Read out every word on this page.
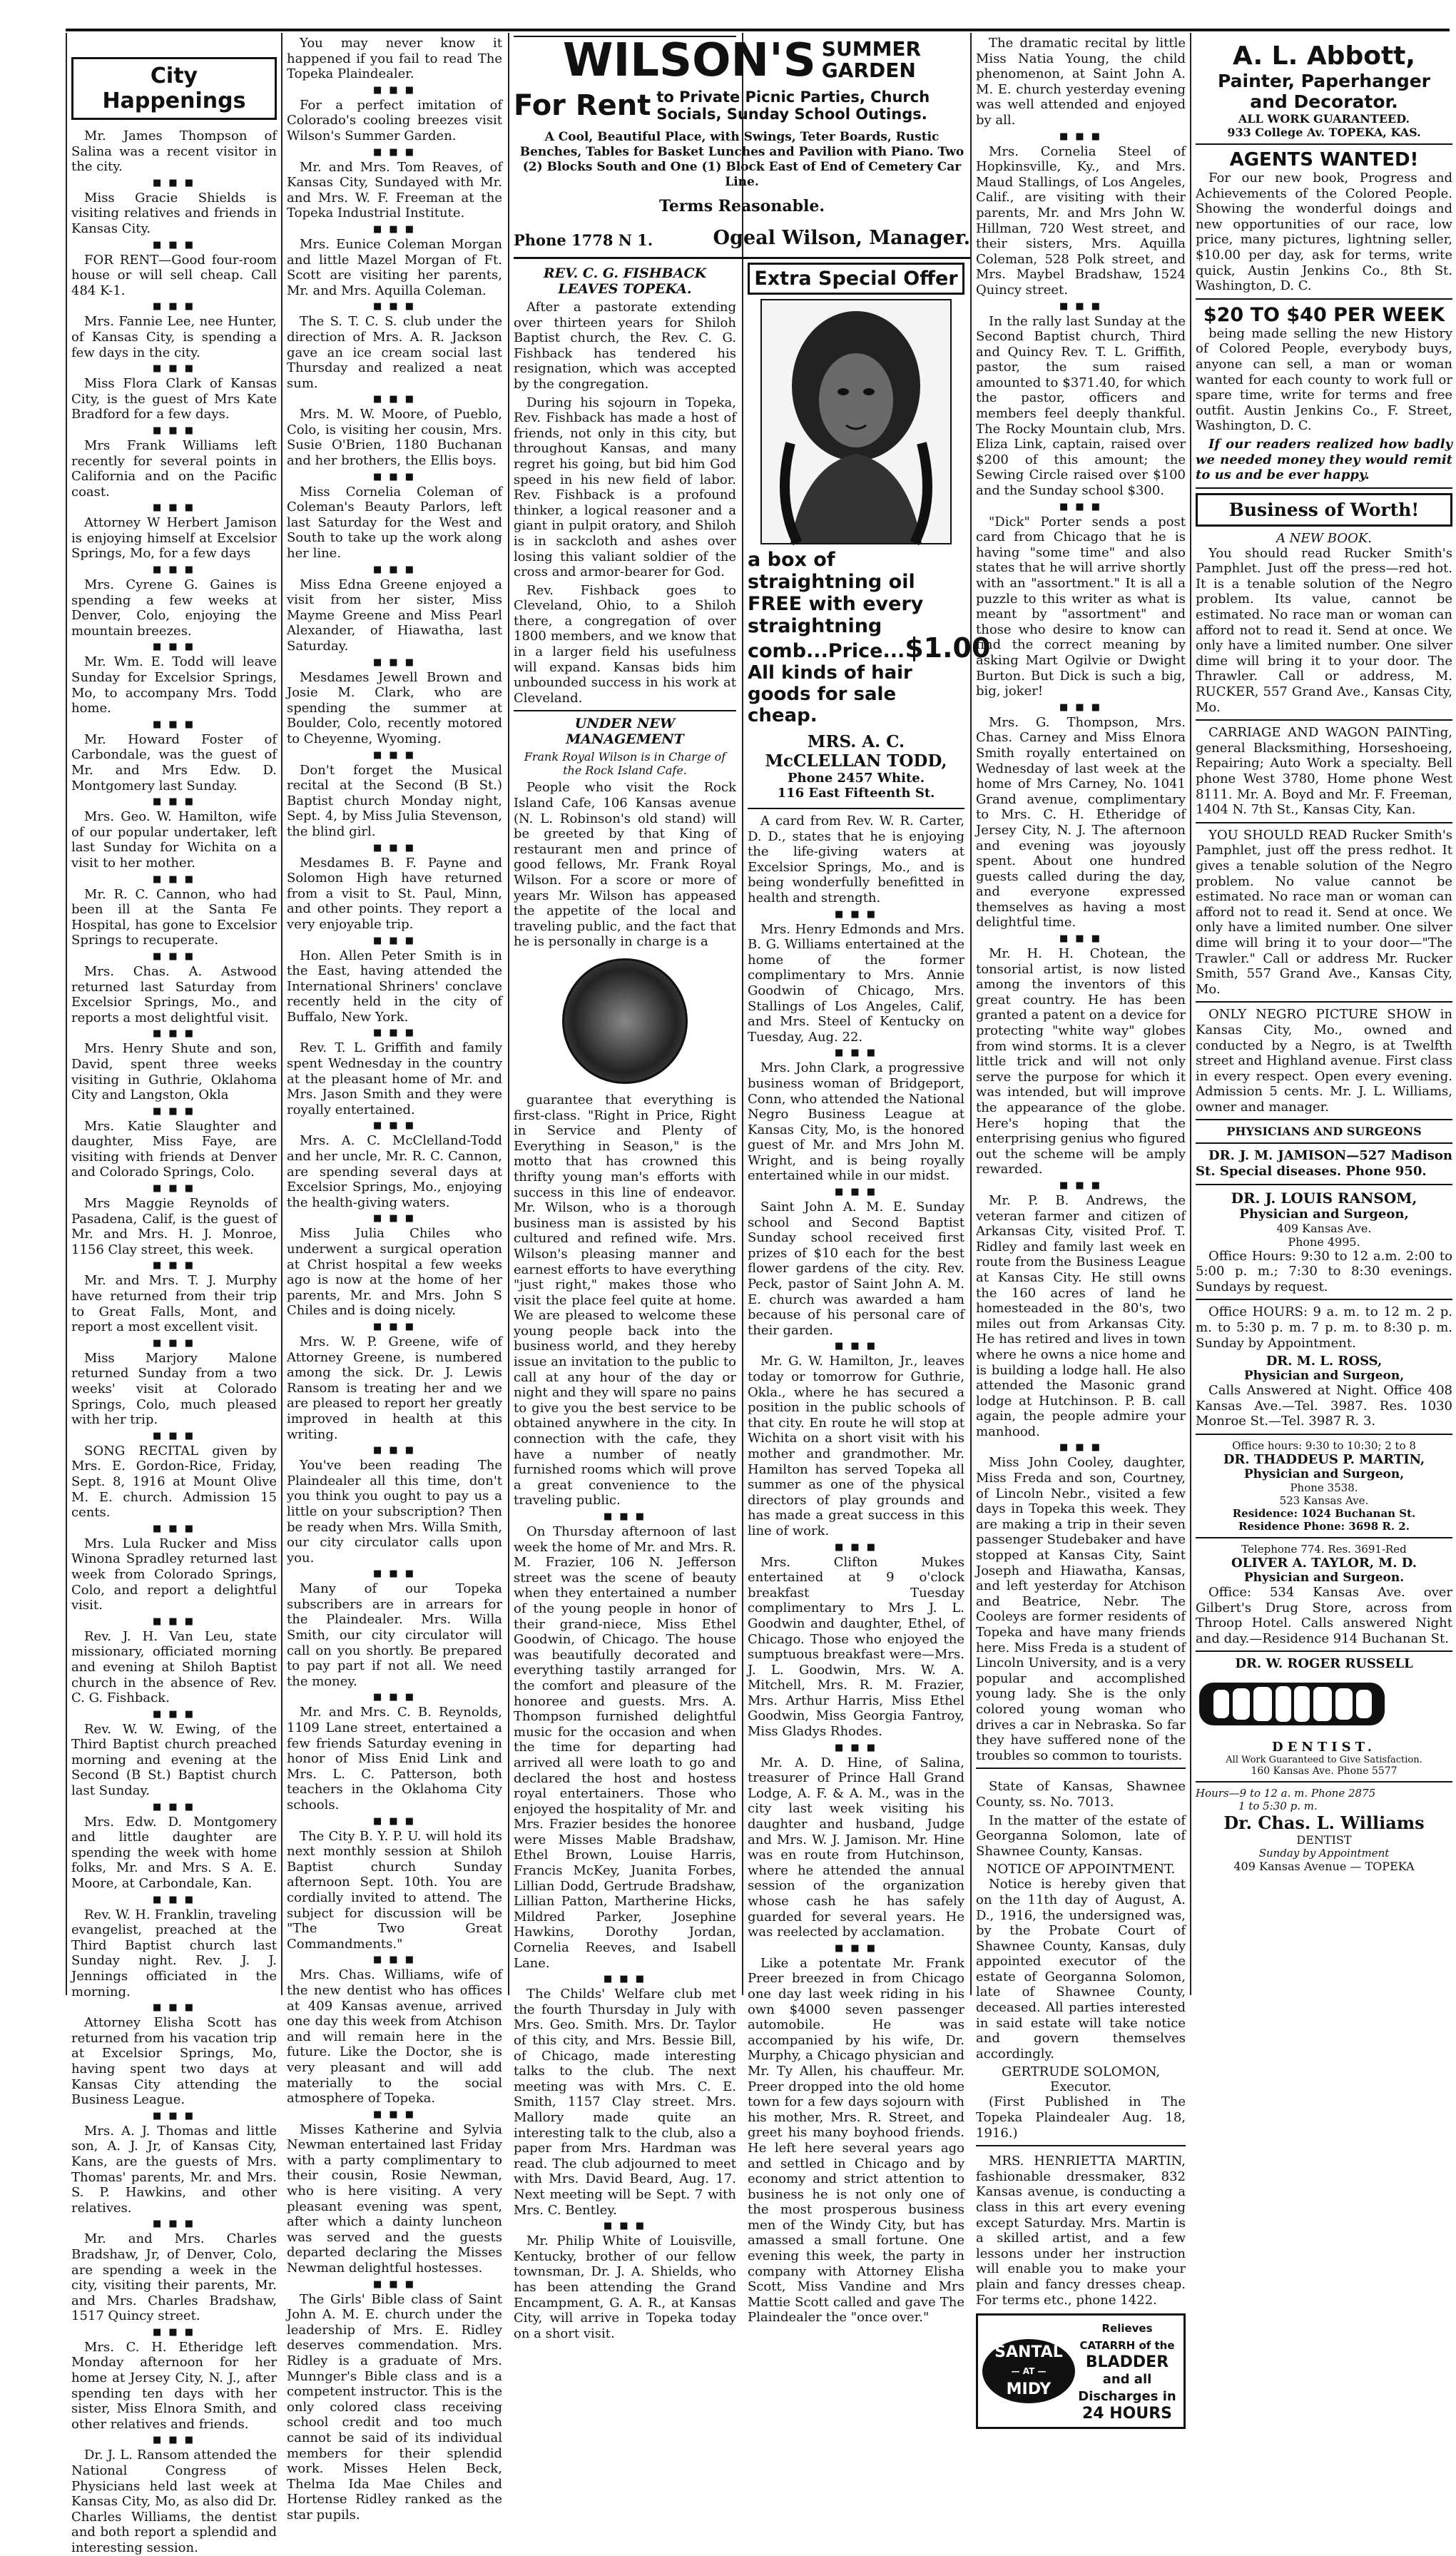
City Happenings

Mr. James Thompson of Salina was a recent visitor in the city.

■ ■ ■

Miss Gracie Shields is visiting relatives and friends in Kansas City.

■ ■ ■

FOR RENT—Good four-room house or will sell cheap. Call 484 K-1.

■ ■ ■

Mrs. Fannie Lee, nee Hunter, of Kansas City, is spending a few days in the city.

■ ■ ■

Miss Flora Clark of Kansas City, is the guest of Mrs Kate Bradford for a few days.

■ ■ ■

Mrs Frank Williams left recently for several points in California and on the Pacific coast.

■ ■ ■

Attorney W Herbert Jamison is enjoying himself at Excelsior Springs, Mo, for a few days

■ ■ ■

Mrs. Cyrene G. Gaines is spending a few weeks at Denver, Colo, enjoying the mountain breezes.

■ ■ ■

Mr. Wm. E. Todd will leave Sunday for Excelsior Springs, Mo, to accompany Mrs. Todd home.

■ ■ ■

Mr. Howard Foster of Carbondale, was the guest of Mr. and Mrs Edw. D. Montgomery last Sunday.

■ ■ ■

Mrs. Geo. W. Hamilton, wife of our popular undertaker, left last Sunday for Wichita on a visit to her mother.

■ ■ ■

Mr. R. C. Cannon, who had been ill at the Santa Fe Hospital, has gone to Excelsior Springs to recuperate.

■ ■ ■

Mrs. Chas. A. Astwood returned last Saturday from Excelsior Springs, Mo., and reports a most delightful visit.

■ ■ ■

Mrs. Henry Shute and son, David, spent three weeks visiting in Guthrie, Oklahoma City and Langston, Okla

■ ■ ■

Mrs. Katie Slaughter and daughter, Miss Faye, are visiting with friends at Denver and Colorado Springs, Colo.

■ ■ ■

Mrs Maggie Reynolds of Pasadena, Calif, is the guest of Mr. and Mrs. H. J. Monroe, 1156 Clay street, this week.

■ ■ ■

Mr. and Mrs. T. J. Murphy have returned from their trip to Great Falls, Mont, and report a most excellent visit.

■ ■ ■

Miss Marjory Malone returned Sunday from a two weeks' visit at Colorado Springs, Colo, much pleased with her trip.

■ ■ ■

SONG RECITAL given by Mrs. E. Gordon-Rice, Friday, Sept. 8, 1916 at Mount Olive M. E. church. Admission 15 cents.

■ ■ ■

Mrs. Lula Rucker and Miss Winona Spradley returned last week from Colorado Springs, Colo, and report a delightful visit.

■ ■ ■

Rev. J. H. Van Leu, state missionary, officiated morning and evening at Shiloh Baptist church in the absence of Rev. C. G. Fishback.

■ ■ ■

Rev. W. W. Ewing, of the Third Baptist church preached morning and evening at the Second (B St.) Baptist church last Sunday.

■ ■ ■

Mrs. Edw. D. Montgomery and little daughter are spending the week with home folks, Mr. and Mrs. S A. E. Moore, at Carbondale, Kan.

■ ■ ■

Rev. W. H. Franklin, traveling evangelist, preached at the Third Baptist church last Sunday night. Rev. J. J. Jennings officiated in the morning.

■ ■ ■

Attorney Elisha Scott has returned from his vacation trip at Excelsior Springs, Mo, having spent two days at Kansas City attending the Business League.

■ ■ ■

Mrs. A. J. Thomas and little son, A. J. Jr, of Kansas City, Kans, are the guests of Mrs. Thomas' parents, Mr. and Mrs. S. P. Hawkins, and other relatives.

■ ■ ■

Mr. and Mrs. Charles Bradshaw, Jr, of Denver, Colo, are spending a week in the city, visiting their parents, Mr. and Mrs. Charles Bradshaw, 1517 Quincy street.

■ ■ ■

Mrs. C. H. Etheridge left Monday afternoon for her home at Jersey City, N. J., after spending ten days with her sister, Miss Elnora Smith, and other relatives and friends.

■ ■ ■

Dr. J. L. Ransom attended the National Congress of Physicians held last week at Kansas City, Mo, as also did Dr. Charles Williams, the dentist and both report a splendid and interesting session.

You may never know it happened if you fail to read The Topeka Plaindealer.

■ ■ ■

For a perfect imitation of Colorado's cooling breezes visit Wilson's Summer Garden.

■ ■ ■

Mr. and Mrs. Tom Reaves, of Kansas City, Sundayed with Mr. and Mrs. W. F. Freeman at the Topeka Industrial Institute.

■ ■ ■

Mrs. Eunice Coleman Morgan and little Mazel Morgan of Ft. Scott are visiting her parents, Mr. and Mrs. Aquilla Coleman.

■ ■ ■

The S. T. C. S. club under the direction of Mrs. A. R. Jackson gave an ice cream social last Thursday and realized a neat sum.

■ ■ ■

Mrs. M. W. Moore, of Pueblo, Colo, is visiting her cousin, Mrs. Susie O'Brien, 1180 Buchanan and her brothers, the Ellis boys.

■ ■ ■

Miss Cornelia Coleman of Coleman's Beauty Parlors, left last Saturday for the West and South to take up the work along her line.

■ ■ ■

Miss Edna Greene enjoyed a visit from her sister, Miss Mayme Greene and Miss Pearl Alexander, of Hiawatha, last Saturday.

■ ■ ■

Mesdames Jewell Brown and Josie M. Clark, who are spending the summer at Boulder, Colo, recently motored to Cheyenne, Wyoming.

■ ■ ■

Don't forget the Musical recital at the Second (B St.) Baptist church Monday night, Sept. 4, by Miss Julia Stevenson, the blind girl.

■ ■ ■

Mesdames B. F. Payne and Solomon High have returned from a visit to St. Paul, Minn, and other points. They report a very enjoyable trip.

■ ■ ■

Hon. Allen Peter Smith is in the East, having attended the International Shriners' conclave recently held in the city of Buffalo, New York.

■ ■ ■

Rev. T. L. Griffith and family spent Wednesday in the country at the pleasant home of Mr. and Mrs. Jason Smith and they were royally entertained.

■ ■ ■

Mrs. A. C. McClelland-Todd and her uncle, Mr. R. C. Cannon, are spending several days at Excelsior Springs, Mo., enjoying the health-giving waters.

■ ■ ■

Miss Julia Chiles who underwent a surgical operation at Christ hospital a few weeks ago is now at the home of her parents, Mr. and Mrs. John S Chiles and is doing nicely.

■ ■ ■

Mrs. W. P. Greene, wife of Attorney Greene, is numbered among the sick. Dr. J. Lewis Ransom is treating her and we are pleased to report her greatly improved in health at this writing.

■ ■ ■

You've been reading The Plaindealer all this time, don't you think you ought to pay us a little on your subscription? Then be ready when Mrs. Willa Smith, our city circulator calls upon you.

■ ■ ■

Many of our Topeka subscribers are in arrears for the Plaindealer. Mrs. Willa Smith, our city circulator will call on you shortly. Be prepared to pay part if not all. We need the money.

■ ■ ■

Mr. and Mrs. C. B. Reynolds, 1109 Lane street, entertained a few friends Saturday evening in honor of Miss Enid Link and Mrs. L. C. Patterson, both teachers in the Oklahoma City schools.

■ ■ ■

The City B. Y. P. U. will hold its next monthly session at Shiloh Baptist church Sunday afternoon Sept. 10th. You are cordially invited to attend. The subject for discussion will be "The Two Great Commandments."

■ ■ ■

Mrs. Chas. Williams, wife of the new dentist who has offices at 409 Kansas avenue, arrived one day this week from Atchison and will remain here in the future. Like the Doctor, she is very pleasant and will add materially to the social atmosphere of Topeka.

■ ■ ■

Misses Katherine and Sylvia Newman entertained last Friday with a party complimentary to their cousin, Rosie Newman, who is here visiting. A very pleasant evening was spent, after which a dainty luncheon was served and the guests departed declaring the Misses Newman delightful hostesses.

■ ■ ■

The Girls' Bible class of Saint John A. M. E. church under the leadership of Mrs. E. Ridley deserves commendation. Mrs. Ridley is a graduate of Mrs. Munnger's Bible class and is a competent instructor. This is the only colored class receiving school credit and too much cannot be said of its individual members for their splendid work. Misses Helen Beck, Thelma Ida Mae Chiles and Hortense Ridley ranked as the star pupils.

WILSON'S SUMMER
GARDEN
For Rent to Private Picnic Parties, Church Socials, Sunday School Outings.
A Cool, Beautiful Place, with Swings, Teter Boards, Rustic Benches, Tables for Basket Lunches and Pavilion with Piano. Two (2) Blocks South and One (1) Block East of End of Cemetery Car Line.
Terms Reasonable.
Phone 1778 N 1.	Ogeal Wilson, Manager.
REV. C. G. FISHBACK LEAVES TOPEKA.

After a pastorate extending over thirteen years for Shiloh Baptist church, the Rev. C. G. Fishback has tendered his resignation, which was accepted by the congregation.

During his sojourn in Topeka, Rev. Fishback has made a host of friends, not only in this city, but throughout Kansas, and many regret his going, but bid him God speed in his new field of labor. Rev. Fishback is a profound thinker, a logical reasoner and a giant in pulpit oratory, and Shiloh is in sackcloth and ashes over losing this valiant soldier of the cross and armor-bearer for God.

Rev. Fishback goes to Cleveland, Ohio, to a Shiloh there, a congregation of over 1800 members, and we know that in a larger field his usefulness will expand. Kansas bids him unbounded success in his work at Cleveland.

UNDER NEW MANAGEMENT
Frank Royal Wilson is in Charge of the Rock Island Cafe.

People who visit the Rock Island Cafe, 106 Kansas avenue (N. L. Robinson's old stand) will be greeted by that King of restaurant men and prince of good fellows, Mr. Frank Royal Wilson. For a score or more of years Mr. Wilson has appeased the appetite of the local and traveling public, and the fact that he is personally in charge is a

guarantee that everything is first-class. "Right in Price, Right in Service and Plenty of Everything in Season," is the motto that has crowned this thrifty young man's efforts with success in this line of endeavor. Mr. Wilson, who is a thorough business man is assisted by his cultured and refined wife. Mrs. Wilson's pleasing manner and earnest efforts to have everything "just right," makes those who visit the place feel quite at home. We are pleased to welcome these young people back into the business world, and they hereby issue an invitation to the public to call at any hour of the day or night and they will spare no pains to give you the best service to be obtained anywhere in the city. In connection with the cafe, they have a number of neatly furnished rooms which will prove a great convenience to the traveling public.

■ ■ ■

On Thursday afternoon of last week the home of Mr. and Mrs. R. M. Frazier, 106 N. Jefferson street was the scene of beauty when they entertained a number of the young people in honor of their grand-niece, Miss Ethel Goodwin, of Chicago. The house was beautifully decorated and everything tastily arranged for the comfort and pleasure of the honoree and guests. Mrs. A. Thompson furnished delightful music for the occasion and when the time for departing had arrived all were loath to go and declared the host and hostess royal entertainers. Those who enjoyed the hospitality of Mr. and Mrs. Frazier besides the honoree were Misses Mable Bradshaw, Ethel Brown, Louise Harris, Francis McKey, Juanita Forbes, Lillian Dodd, Gertrude Bradshaw, Lillian Patton, Martherine Hicks, Mildred Parker, Josephine Hawkins, Dorothy Jordan, Cornelia Reeves, and Isabell Lane.

■ ■ ■

The Childs' Welfare club met the fourth Thursday in July with Mrs. Geo. Smith. Mrs. Dr. Taylor of this city, and Mrs. Bessie Bill, of Chicago, made interesting talks to the club. The next meeting was with Mrs. C. E. Smith, 1157 Clay street. Mrs. Mallory made quite an interesting talk to the club, also a paper from Mrs. Hardman was read. The club adjourned to meet with Mrs. David Beard, Aug. 17. Next meeting will be Sept. 7 with Mrs. C. Bentley.

■ ■ ■

Mr. Philip White of Louisville, Kentucky, brother of our fellow townsman, Dr. J. A. Shields, who has been attending the Grand Encampment, G. A. R., at Kansas City, will arrive in Topeka today on a short visit.

Extra Special Offer
a box of straightning oil FREE with every straightning comb...Price...$1.00
All kinds of hair goods for sale cheap.
MRS. A. C. McCLELLAN TODD,
Phone 2457 White.
116 East Fifteenth St.

A card from Rev. W. R. Carter, D. D., states that he is enjoying the life-giving waters at Excelsior Springs, Mo., and is being wonderfully benefitted in health and strength.

■ ■ ■

Mrs. Henry Edmonds and Mrs. B. G. Williams entertained at the home of the former complimentary to Mrs. Annie Goodwin of Chicago, Mrs. Stallings of Los Angeles, Calif, and Mrs. Steel of Kentucky on Tuesday, Aug. 22.

■ ■ ■

Mrs. John Clark, a progressive business woman of Bridgeport, Conn, who attended the National Negro Business League at Kansas City, Mo, is the honored guest of Mr. and Mrs John M. Wright, and is being royally entertained while in our midst.

■ ■ ■

Saint John A. M. E. Sunday school and Second Baptist Sunday school received first prizes of $10 each for the best flower gardens of the city. Rev. Peck, pastor of Saint John A. M. E. church was awarded a ham because of his personal care of their garden.

■ ■ ■

Mr. G. W. Hamilton, Jr., leaves today or tomorrow for Guthrie, Okla., where he has secured a position in the public schools of that city. En route he will stop at Wichita on a short visit with his mother and grandmother. Mr. Hamilton has served Topeka all summer as one of the physical directors of play grounds and has made a great success in this line of work.

■ ■ ■

Mrs. Clifton Mukes entertained at 9 o'clock breakfast Tuesday complimentary to Mrs J. L. Goodwin and daughter, Ethel, of Chicago. Those who enjoyed the sumptuous breakfast were—Mrs. J. L. Goodwin, Mrs. W. A. Mitchell, Mrs. R. M. Frazier, Mrs. Arthur Harris, Miss Ethel Goodwin, Miss Georgia Fantroy, Miss Gladys Rhodes.

■ ■ ■

Mr. A. D. Hine, of Salina, treasurer of Prince Hall Grand Lodge, A. F. & A. M., was in the city last week visiting his daughter and husband, Judge and Mrs. W. J. Jamison. Mr. Hine was en route from Hutchinson, where he attended the annual session of the organization whose cash he has safely guarded for several years. He was reelected by acclamation.

■ ■ ■

Like a potentate Mr. Frank Preer breezed in from Chicago one day last week riding in his own $4000 seven passenger automobile. He was accompanied by his wife, Dr. Murphy, a Chicago physician and Mr. Ty Allen, his chauffeur. Mr. Preer dropped into the old home town for a few days sojourn with his mother, Mrs. R. Street, and greet his many boyhood friends. He left here several years ago and settled in Chicago and by economy and strict attention to business he is not only one of the most prosperous business men of the Windy City, but has amassed a small fortune. One evening this week, the party in company with Attorney Elisha Scott, Miss Vandine and Mrs Mattie Scott called and gave The Plaindealer the "once over."

The dramatic recital by little Miss Natia Young, the child phenomenon, at Saint John A. M. E. church yesterday evening was well attended and enjoyed by all.

■ ■ ■

Mrs. Cornelia Steel of Hopkinsville, Ky., and Mrs. Maud Stallings, of Los Angeles, Calif., are visiting with their parents, Mr. and Mrs John W. Hillman, 720 West street, and their sisters, Mrs. Aquilla Coleman, 528 Polk street, and Mrs. Maybel Bradshaw, 1524 Quincy street.

■ ■ ■

In the rally last Sunday at the Second Baptist church, Third and Quincy Rev. T. L. Griffith, pastor, the sum raised amounted to $371.40, for which the pastor, officers and members feel deeply thankful. The Rocky Mountain club, Mrs. Eliza Link, captain, raised over $200 of this amount; the Sewing Circle raised over $100 and the Sunday school $300.

■ ■ ■

"Dick" Porter sends a post card from Chicago that he is having "some time" and also states that he will arrive shortly with an "assortment." It is all a puzzle to this writer as what is meant by "assortment" and those who desire to know can find the correct meaning by asking Mart Ogilvie or Dwight Burton. But Dick is such a big, big, joker!

■ ■ ■

Mrs. G. Thompson, Mrs. Chas. Carney and Miss Elnora Smith royally entertained on Wednesday of last week at the home of Mrs Carney, No. 1041 Grand avenue, complimentary to Mrs. C. H. Etheridge of Jersey City, N. J. The afternoon and evening was joyously spent. About one hundred guests called during the day, and everyone expressed themselves as having a most delightful time.

■ ■ ■

Mr. H. H. Chotean, the tonsorial artist, is now listed among the inventors of this great country. He has been granted a patent on a device for protecting "white way" globes from wind storms. It is a clever little trick and will not only serve the purpose for which it was intended, but will improve the appearance of the globe. Here's hoping that the enterprising genius who figured out the scheme will be amply rewarded.

■ ■ ■

Mr. P. B. Andrews, the veteran farmer and citizen of Arkansas City, visited Prof. T. Ridley and family last week en route from the Business League at Kansas City. He still owns the 160 acres of land he homesteaded in the 80's, two miles out from Arkansas City. He has retired and lives in town where he owns a nice home and is building a lodge hall. He also attended the Masonic grand lodge at Hutchinson. P. B. call again, the people admire your manhood.

■ ■ ■

Miss John Cooley, daughter, Miss Freda and son, Courtney, of Lincoln Nebr., visited a few days in Topeka this week. They are making a trip in their seven passenger Studebaker and have stopped at Kansas City, Saint Joseph and Hiawatha, Kansas, and left yesterday for Atchison and Beatrice, Nebr. The Cooleys are former residents of Topeka and have many friends here. Miss Freda is a student of Lincoln University, and is a very popular and accomplished young lady. She is the only colored young woman who drives a car in Nebraska. So far they have suffered none of the troubles so common to tourists.

State of Kansas, Shawnee County, ss. No. 7013.

In the matter of the estate of Georganna Solomon, late of Shawnee County, Kansas.

NOTICE OF APPOINTMENT.

Notice is hereby given that on the 11th day of August, A. D., 1916, the undersigned was, by the Probate Court of Shawnee County, Kansas, duly appointed executor of the estate of Georganna Solomon, late of Shawnee County, deceased. All parties interested in said estate will take notice and govern themselves accordingly.

GERTRUDE SOLOMON,
Executor.

(First Published in The Topeka Plaindealer Aug. 18, 1916.)

MRS. HENRIETTA MARTIN, fashionable dressmaker, 832 Kansas avenue, is conducting a class in this art every evening except Saturday. Mrs. Martin is a skilled artist, and a few lessons under her instruction will enable you to make your plain and fancy dresses cheap. For terms etc., phone 1422.

SANTAL
— AT —
MIDY
Relieves CATARRH of the
BLADDER
and all
Discharges in
24 HOURS
A. L. Abbott,
Painter, Paperhanger
and Decorator.
ALL WORK GUARANTEED.
933 College Av. TOPEKA, KAS.
AGENTS WANTED!

For our new book, Progress and Achievements of the Colored People. Showing the wonderful doings and new opportunities of our race, low price, many pictures, lightning seller, $10.00 per day, ask for terms, write quick, Austin Jenkins Co., 8th St. Washington, D. C.

$20 TO $40 PER WEEK

being made selling the new History of Colored People, everybody buys, anyone can sell, a man or woman wanted for each county to work full or spare time, write for terms and free outfit. Austin Jenkins Co., F. Street, Washington, D. C.

If our readers realized how badly we needed money they would remit to us and be ever happy.

Business of Worth!
A NEW BOOK.

You should read Rucker Smith's Pamphlet. Just off the press—red hot. It is a tenable solution of the Negro problem. Its value, cannot be estimated. No race man or woman can afford not to read it. Send at once. We only have a limited number. One silver dime will bring it to your door. The Thrawler. Call or address, M. RUCKER, 557 Grand Ave., Kansas City, Mo.

CARRIAGE AND WAGON PAINTing, general Blacksmithing, Horseshoeing, Repairing; Auto Work a specialty. Bell phone West 3780, Home phone West 8111. Mr. A. Boyd and Mr. F. Freeman, 1404 N. 7th St., Kansas City, Kan.

YOU SHOULD READ Rucker Smith's Pamphlet, just off the press redhot. It gives a tenable solution of the Negro problem. No value cannot be estimated. No race man or woman can afford not to read it. Send at once. We only have a limited number. One silver dime will bring it to your door—"The Trawler." Call or address Mr. Rucker Smith, 557 Grand Ave., Kansas City, Mo.

ONLY NEGRO PICTURE SHOW in Kansas City, Mo., owned and conducted by a Negro, is at Twelfth street and Highland avenue. First class in every respect. Open every evening. Admission 5 cents. Mr. J. L. Williams, owner and manager.

PHYSICIANS AND SURGEONS

DR. J. M. JAMISON—527 Madison St. Special diseases. Phone 950.

DR. J. LOUIS RANSOM,
Physician and Surgeon,
409 Kansas Ave.
Phone 4995.

Office Hours: 9:30 to 12 a.m. 2:00 to 5:00 p. m.; 7:30 to 8:30 evenings. Sundays by request.

Office HOURS: 9 a. m. to 12 m. 2 p. m. to 5:30 p. m. 7 p. m. to 8:30 p. m. Sunday by Appointment.

DR. M. L. ROSS,
Physician and Surgeon,

Calls Answered at Night. Office 408 Kansas Ave.—Tel. 3987. Res. 1030 Monroe St.—Tel. 3987 R. 3.

Office hours: 9:30 to 10:30; 2 to 8
DR. THADDEUS P. MARTIN,
Physician and Surgeon,
Phone 3538.
523 Kansas Ave.
Residence: 1024 Buchanan St.
Residence Phone: 3698 R. 2.
Telephone 774. Res. 3691-Red
OLIVER A. TAYLOR, M. D.
Physician and Surgeon.

Office: 534 Kansas Ave. over Gilbert's Drug Store, across from Throop Hotel. Calls answered Night and day.—Residence 914 Buchanan St.

DR. W. ROGER RUSSELL
DENTIST.
All Work Guaranteed to Give Satisfaction.
160 Kansas Ave. Phone 5577
Hours—9 to 12 a. m. Phone 2875
1 to 5:30 p. m.
Dr. Chas. L. Williams
DENTIST
Sunday by Appointment
409 Kansas Avenue — TOPEKA
